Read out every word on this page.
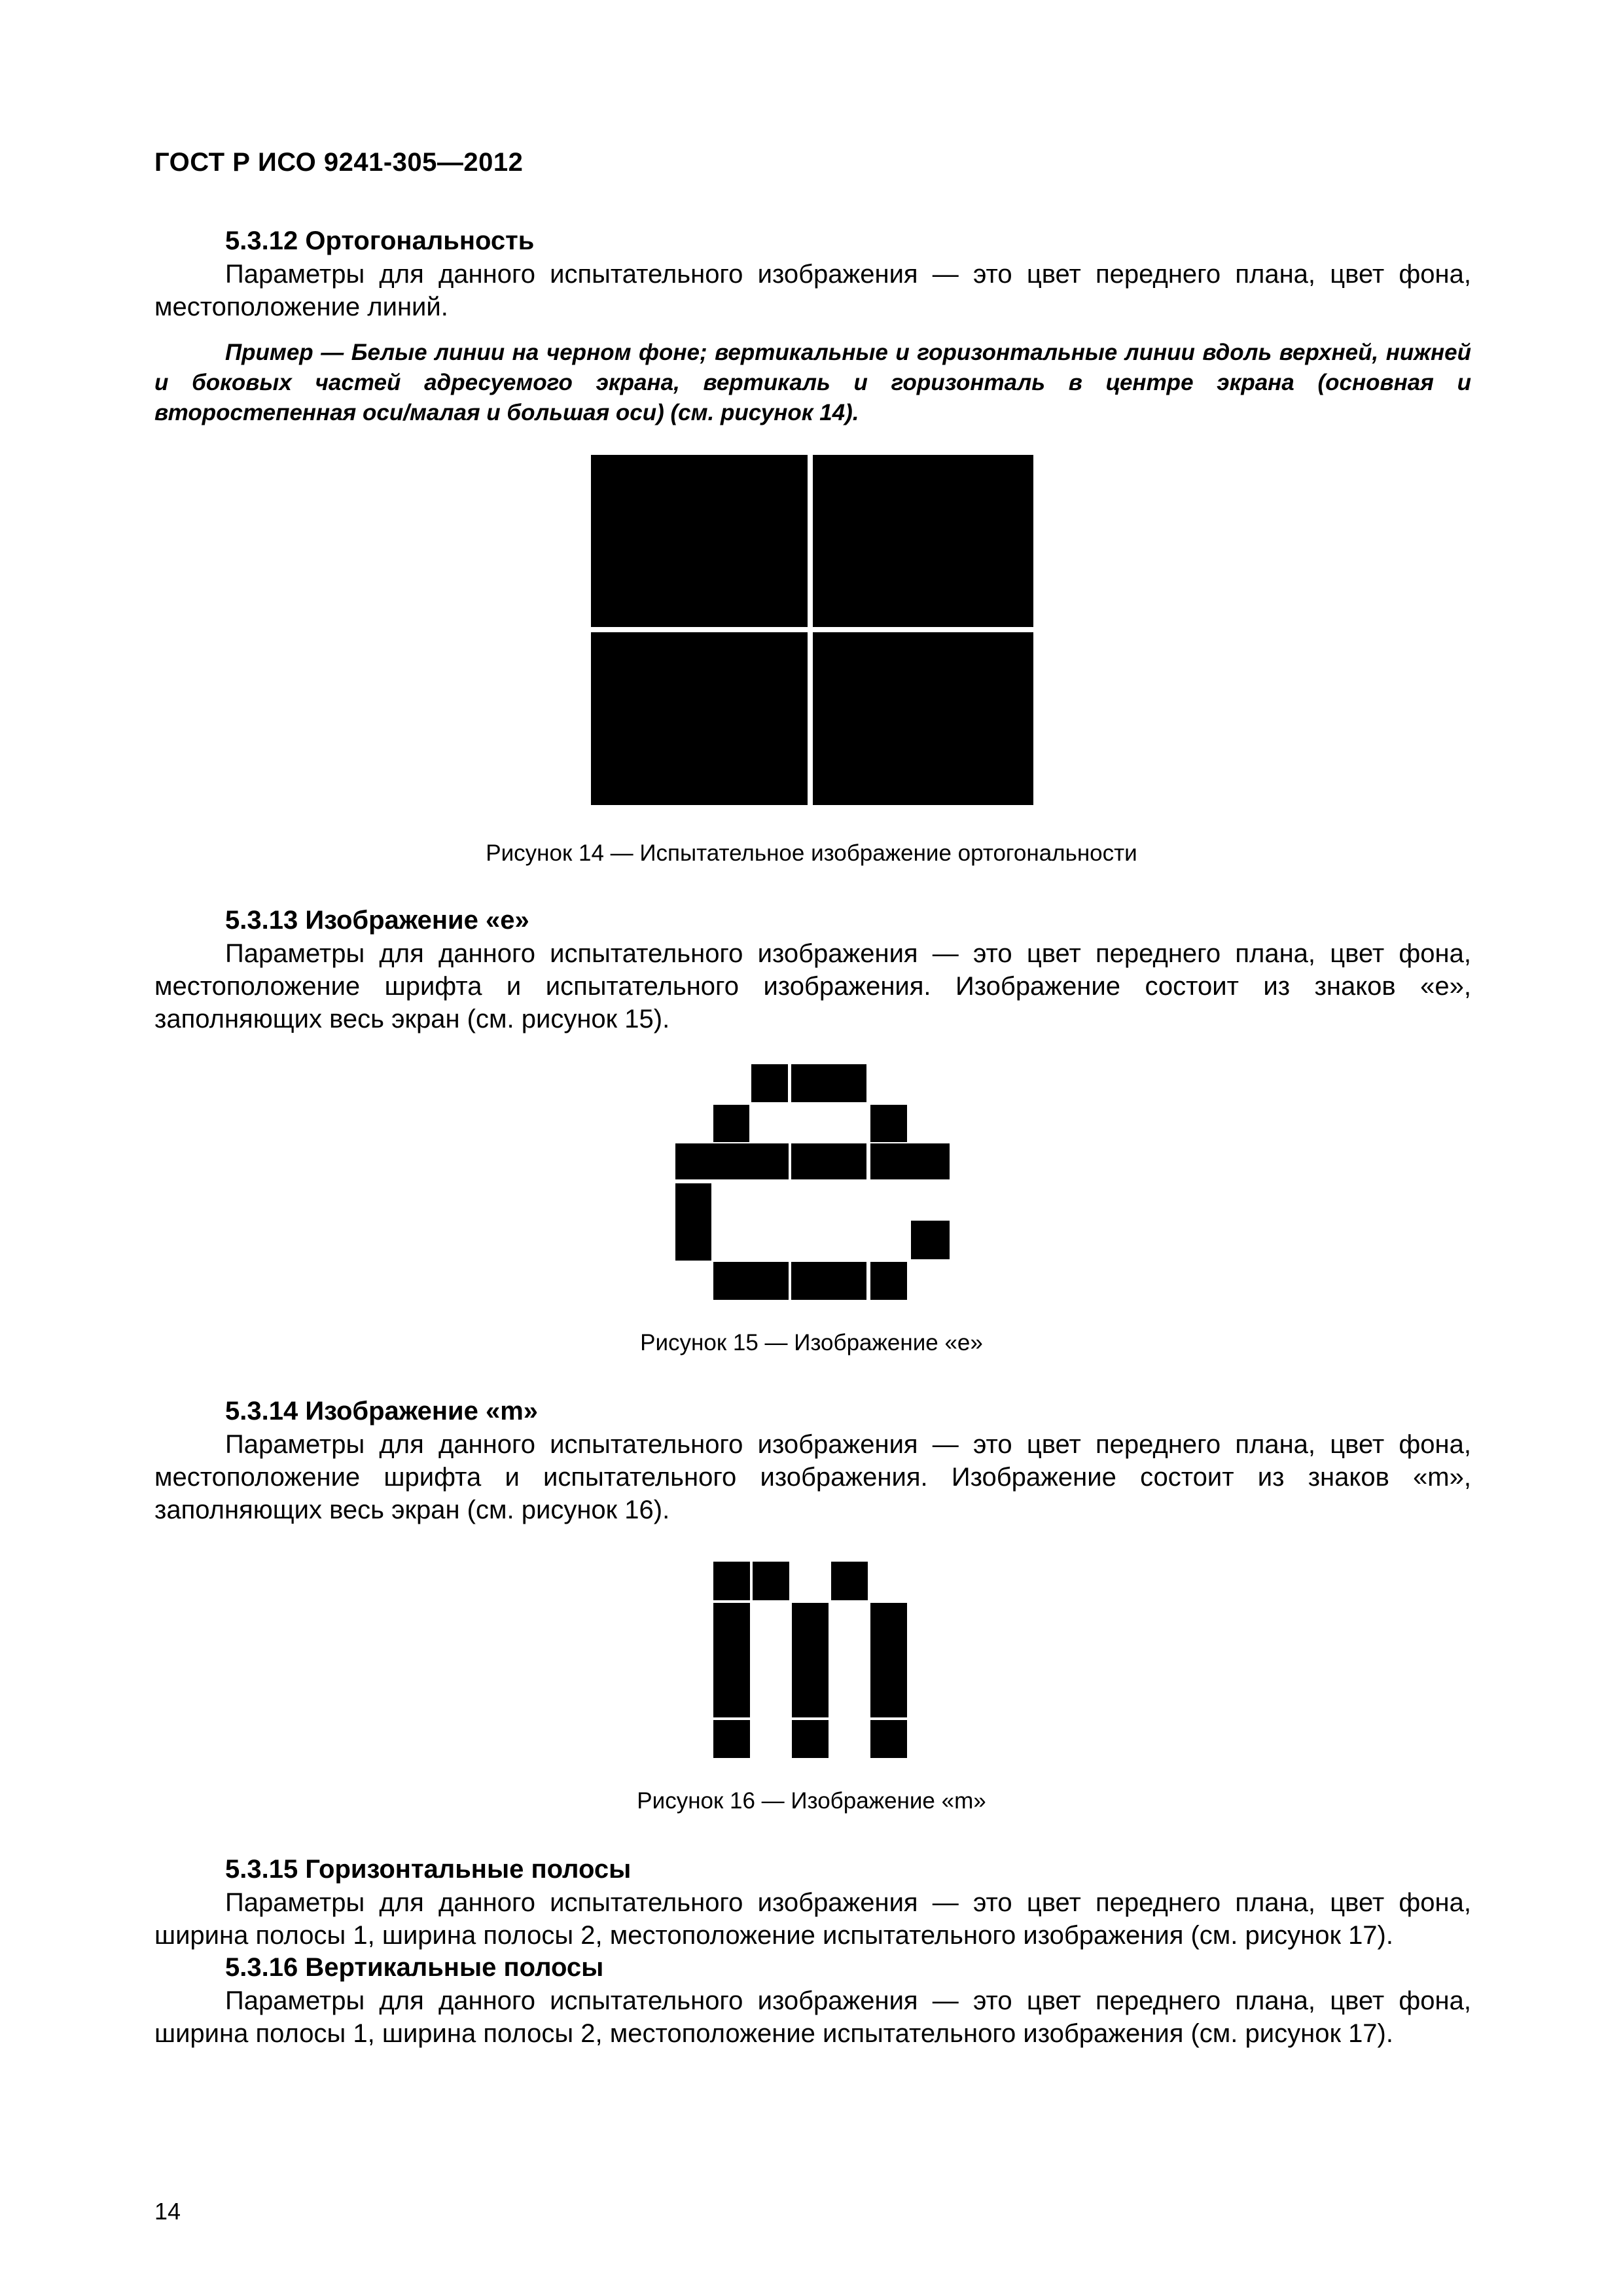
ГОСТ Р ИСО 9241-305—2012
5.3.12 Ортогональность

Параметры для данного испытательного изображения — это цвет переднего плана, цвет фона, местоположение линий.

Пример — Белые линии на черном фоне; вертикальные и горизонтальные линии вдоль верхней, нижней и боковых частей адресуемого экрана, вертикаль и горизонталь в центре экрана (основная и второстепенная оси/малая и большая оси) (см. рисунок 14).

Рисунок 14 — Испытательное изображение ортогональности
5.3.13 Изображение «е»

Параметры для данного испытательного изображения — это цвет переднего плана, цвет фона, местоположение шрифта и испытательного изображения. Изображение состоит из знаков «е», заполняющих весь экран (см. рисунок 15).

Рисунок 15 — Изображение «е»
5.3.14 Изображение «m»

Параметры для данного испытательного изображения — это цвет переднего плана, цвет фона, местоположение шрифта и испытательного изображения. Изображение состоит из знаков «m», заполняющих весь экран (см. рисунок 16).

Рисунок 16 — Изображение «m»
5.3.15 Горизонтальные полосы

Параметры для данного испытательного изображения — это цвет переднего плана, цвет фона, ширина полосы 1, ширина полосы 2, местоположение испытательного изображения (см. рисунок 17).

5.3.16 Вертикальные полосы

Параметры для данного испытательного изображения — это цвет переднего плана, цвет фона, ширина полосы 1, ширина полосы 2, местоположение испытательного изображения (см. рисунок 17).

14
